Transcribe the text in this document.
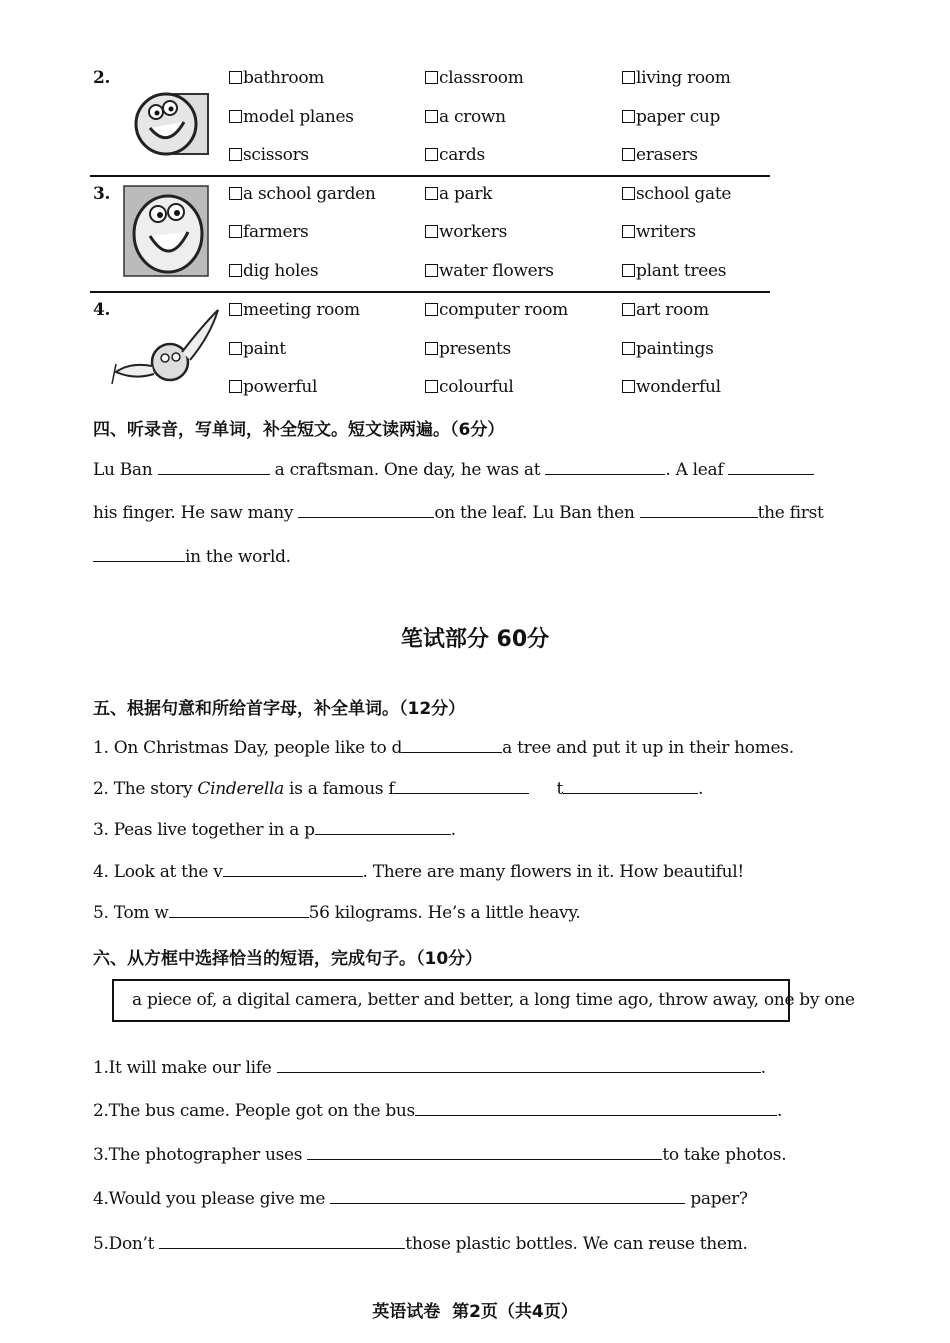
2.	bathroom	classroom	living room
model planes	a crown	paper cup
scissors	cards	erasers
3.	a school garden	a park	school gate
farmers	workers	writers
dig holes	water flowers	plant trees
4.	meeting room	computer room	art room
paint	presents	paintings
powerful	colourful	wonderful
四、听录音，写单词，补全短文。短文读两遍。（6分）
Lu Ban	a craftsman. One day, he was at	. A leaf
his finger. He saw many	on the leaf. Lu Ban then	the first
in the world.
笔试部分 60分
五、根据句意和所给首字母，补全单词。（12分）
1. On Christmas Day, people like to d	a tree and put it up in their homes.
2. The story Cinderella is a famous f	t	.
3. Peas live together in a p	.
4. Look at the v	. There are many flowers in it. How beautiful!
5. Tom w	56 kilograms. He’s a little heavy.
六、从方框中选择恰当的短语，完成句子。（10分）
a piece of, a digital camera, better and better, a long time ago, throw away, one by one
1.It will make our life	.
2.The bus came. People got on the bus	.
3.The photographer uses	to take photos.
4.Would you please give me	paper?
5.Don’t	those plastic bottles. We can reuse them.
英语试卷  第2页（共4页）
